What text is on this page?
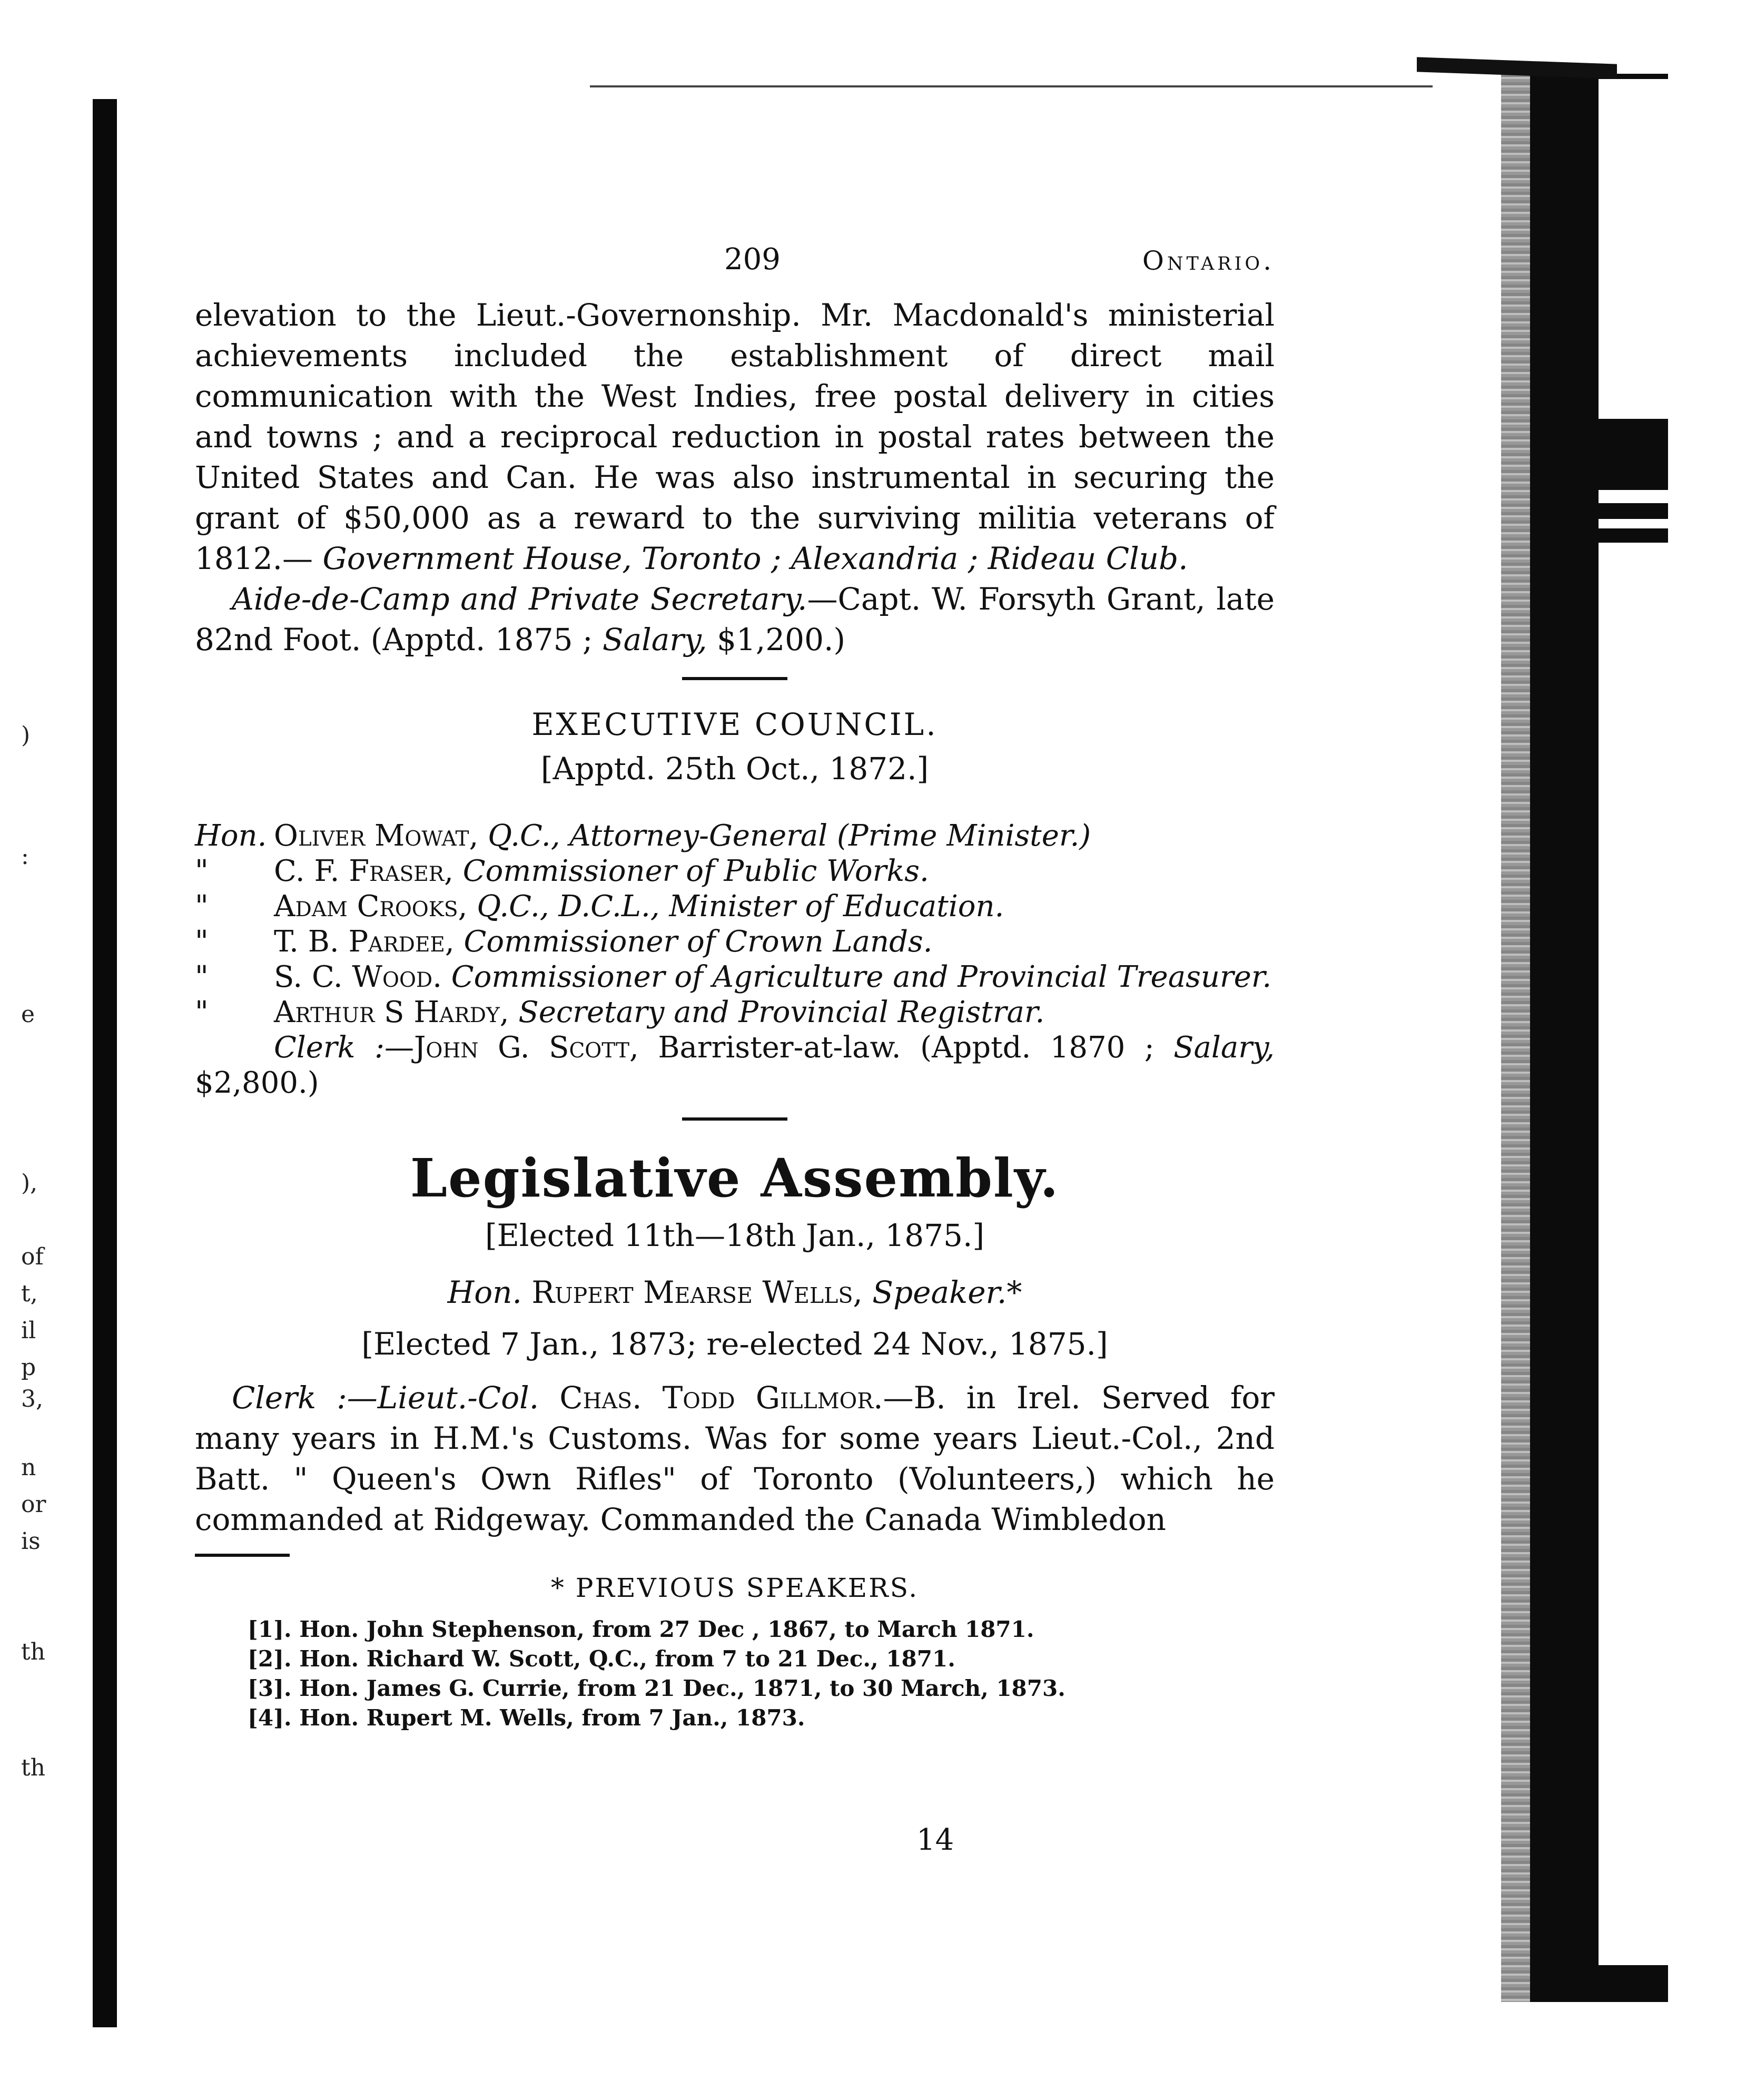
)
:
e
),
of
t,
il
p
3,
n
or
is
th
th
209	Ontario.

elevation to the Lieut.-Governonship. Mr. Macdonald's ministerial achievements included the establishment of direct mail communication with the West Indies, free postal delivery in cities and towns ; and a reciprocal reduction in postal rates between the United States and Can. He was also instrumental in securing the grant of $50,000 as a reward to the surviving militia veterans of 1812.— Government House, Toronto ; Alexandria ; Rideau Club.

Aide-de-Camp and Private Secretary.—Capt. W. Forsyth Grant, late 82nd Foot. (Apptd. 1875 ; Salary, $1,200.)

EXECUTIVE COUNCIL.
[Apptd. 25th Oct., 1872.]
Hon. Oliver Mowat, Q.C., Attorney-General (Prime Minister.)
"	C. F. Fraser, Commissioner of Public Works.
"	Adam Crooks, Q.C., D.C.L., Minister of Education.
"	T. B. Pardee, Commissioner of Crown Lands.
"	S. C. Wood. Commissioner of Agriculture and Provincial Treasurer.
"	Arthur S Hardy, Secretary and Provincial Registrar.
Clerk :—John G. Scott, Barrister-at-law. (Apptd. 1870 ; Salary, $2,800.)
Legislative Assembly.
[Elected 11th—18th Jan., 1875.]
Hon. Rupert Mearse Wells, Speaker.*
[Elected 7 Jan., 1873; re-elected 24 Nov., 1875.]
Clerk :—Lieut.-Col. Chas. Todd Gillmor.—B. in Irel. Served for many years in H.M.'s Customs. Was for some years Lieut.-Col., 2nd Batt. " Queen's Own Rifles" of Toronto (Volunteers,) which he commanded at Ridgeway. Commanded the Canada Wimbledon
* PREVIOUS SPEAKERS.
[1]. Hon. John Stephenson, from 27 Dec , 1867, to March 1871.
[2]. Hon. Richard W. Scott, Q.C., from 7 to 21 Dec., 1871.
[3]. Hon. James G. Currie, from 21 Dec., 1871, to 30 March, 1873.
[4]. Hon. Rupert M. Wells, from 7 Jan., 1873.
14
